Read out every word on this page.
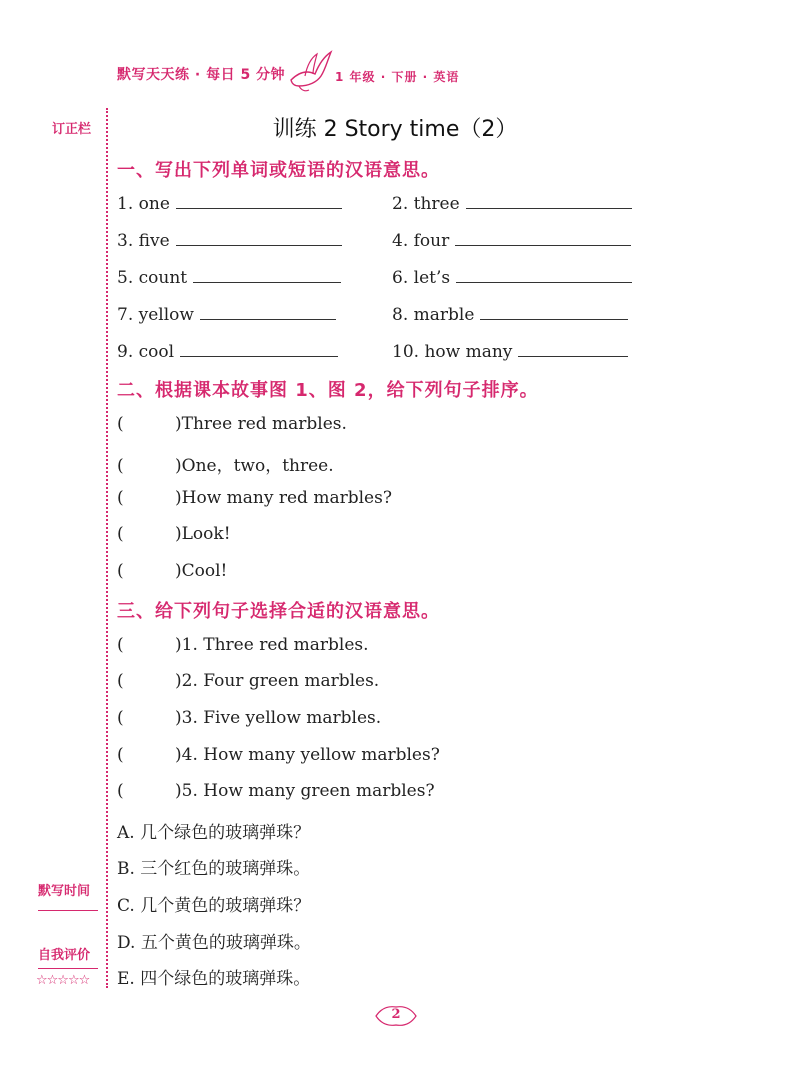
默写天天练 · 每日 5 分钟	1 年级 · 下册 · 英语
订正栏
默写时间
自我评价
☆☆☆☆☆
训练 2 Story time（2）
一、写出下列单词或短语的汉语意思。
1. one	2. three
3. five	4. four
5. count	6. let’s
7. yellow	8. marble
9. cool	10. how many
二、根据课本故事图 1、图 2，给下列句子排序。
(	)Three red marbles.
(	)One，two，three.
(	)How many red marbles?
(	)Look!
(	)Cool!
三、给下列句子选择合适的汉语意思。
(	)1. Three red marbles.
(	)2. Four green marbles.
(	)3. Five yellow marbles.
(	)4. How many yellow marbles?
(	)5. How many green marbles?
A. 几个绿色的玻璃弹珠？
B. 三个红色的玻璃弹珠。
C. 几个黄色的玻璃弹珠？
D. 五个黄色的玻璃弹珠。
E. 四个绿色的玻璃弹珠。
2
